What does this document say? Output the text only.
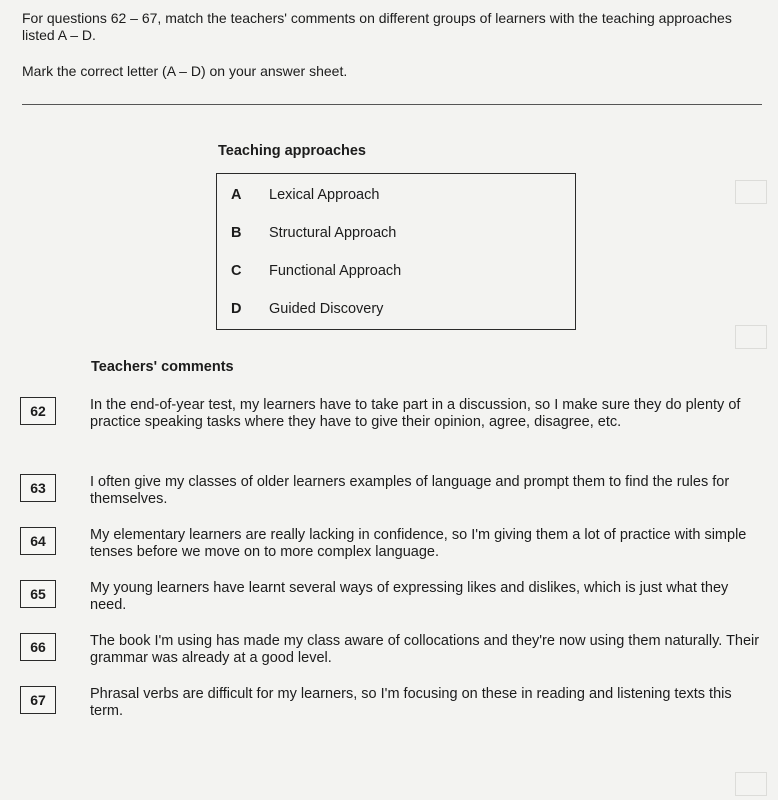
For questions 62 – 67, match the teachers' comments on different groups of learners with the teaching approaches listed A – D.

Mark the correct letter (A – D) on your answer sheet.

Teaching approaches
A	Lexical Approach
B	Structural Approach
C	Functional Approach
D	Guided Discovery
Teachers' comments
62	In the end-of-year test, my learners have to take part in a discussion, so I make sure they do plenty of practice speaking tasks where they have to give their opinion, agree, disagree, etc.
63	I often give my classes of older learners examples of language and prompt them to find the rules for themselves.
64	My elementary learners are really lacking in confidence, so I'm giving them a lot of practice with simple tenses before we move on to more complex language.
65	My young learners have learnt several ways of expressing likes and dislikes, which is just what they need.
66	The book I'm using has made my class aware of collocations and they're now using them naturally. Their grammar was already at a good level.
67	Phrasal verbs are difficult for my learners, so I'm focusing on these in reading and listening texts this term.
